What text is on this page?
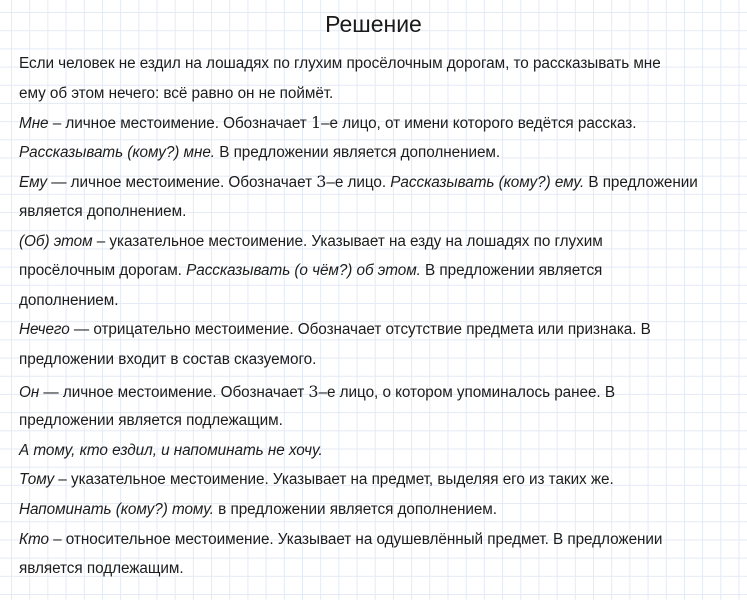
Решение
Если человек не ездил на лошадях по глухим просёлочным дорогам, то рассказывать мне
ему об этом нечего: всё равно он не поймёт.
Мне – личное местоимение. Обозначает 1–е лицо, от имени которого ведётся рассказ.
Рассказывать (кому?) мне. В предложении является дополнением.
Ему — личное местоимение. Обозначает 3–е лицо. Рассказывать (кому?) ему. В предложении
является дополнением.
(Об) этом – указательное местоимение. Указывает на езду на лошадях по глухим
просёлочным дорогам. Рассказывать (о чём?) об этом. В предложении является
дополнением.
Нечего — отрицательно местоимение. Обозначает отсутствие предмета или признака. В
предложении входит в состав сказуемого.
Он — личное местоимение. Обозначает 3–е лицо, о котором упоминалось ранее. В
предложении является подлежащим.
А тому, кто ездил, и напоминать не хочу.
Тому – указательное местоимение. Указывает на предмет, выделяя его из таких же.
Напоминать (кому?) тому. в предложении является дополнением.
Кто – относительное местоимение. Указывает на одушевлённый предмет. В предложении
является подлежащим.
